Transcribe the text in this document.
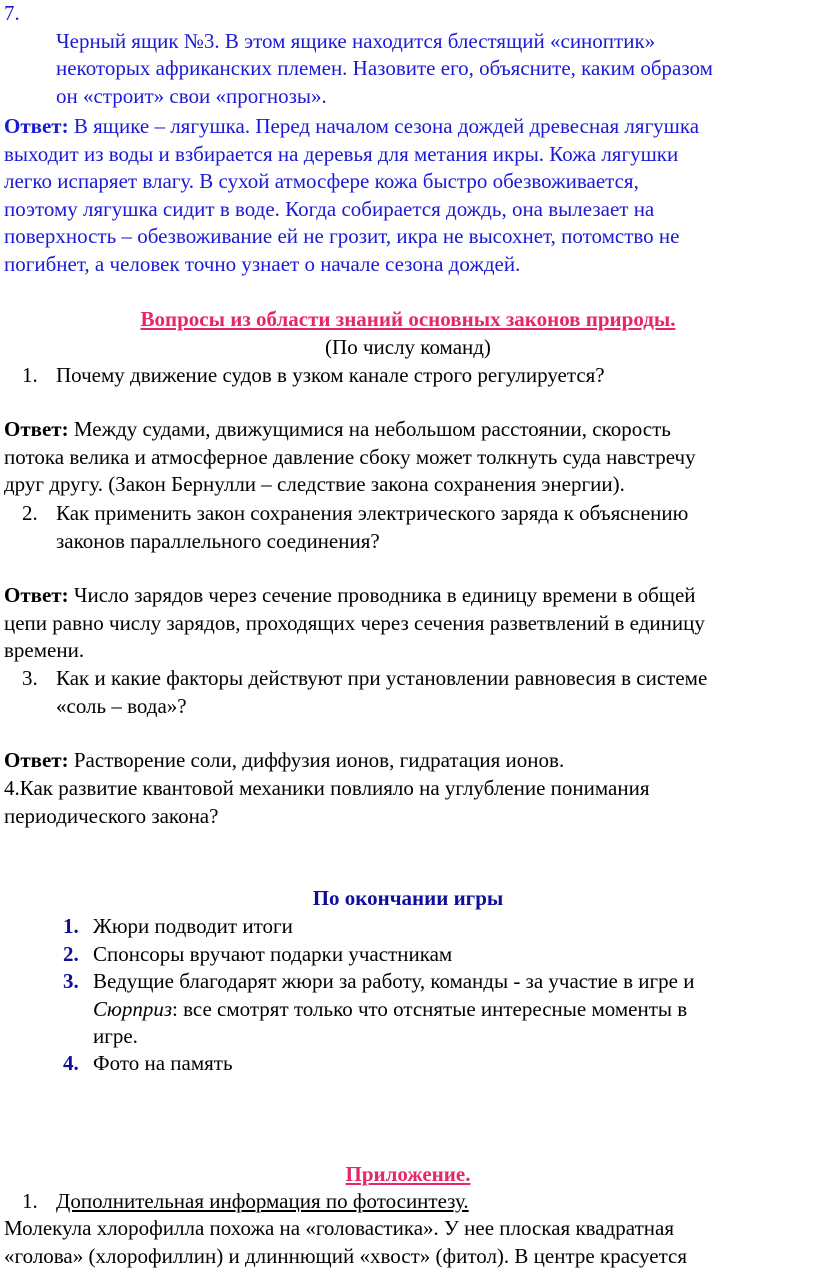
7.

Черный ящик №3. В этом ящике находится блестящий «синоптик»
некоторых африканских племен. Назовите его, объясните, каким образом
он «строит» свои «прогнозы».

Ответ: В ящике – лягушка. Перед началом сезона дождей древесная лягушка
выходит из воды и взбирается на деревья для метания икры. Кожа лягушки
легко испаряет влагу. В сухой атмосфере кожа быстро обезвоживается,
поэтому лягушка сидит в воде. Когда собирается дождь, она вылезает на
поверхность – обезвоживание ей не грозит, икра не высохнет, потомство не
погибнет, а человек точно узнает о начале сезона дождей.
Вопросы из области знаний основных законов природы.
(По числу команд)
1. Почему движение судов в узком канале строго регулируется?
Ответ: Между судами, движущимися на небольшом расстоянии, скорость
потока велика и атмосферное давление сбоку может толкнуть суда навстречу
друг другу. (Закон Бернулли – следствие закона сохранения энергии).
2. Как применить закон сохранения электрического заряда к объяснению
законов параллельного соединения?
Ответ: Число зарядов через сечение проводника в единицу времени в общей
цепи равно числу зарядов, проходящих через сечения разветвлений в единицу
времени.
3. Как и какие факторы действуют при установлении равновесия в системе
«соль – вода»?
Ответ: Растворение соли, диффузия ионов, гидратация ионов.
4.Как развитие квантовой механики повлияло на углубление понимания
периодического закона?
По окончании игры
1. Жюри подводит итоги
2. Спонсоры вручают подарки участникам
3. Ведущие благодарят жюри за работу, команды - за участие в игре и
Сюрприз: все смотрят только что отснятые интересные моменты в
игре.
4. Фото на память
Приложение.
1. Дополнительная информация по фотосинтезу.
Молекула хлорофилла похожа на «головастика». У нее плоская квадратная
«голова» (хлорофиллин) и длиннющий «хвост» (фитол). В центре красуется
